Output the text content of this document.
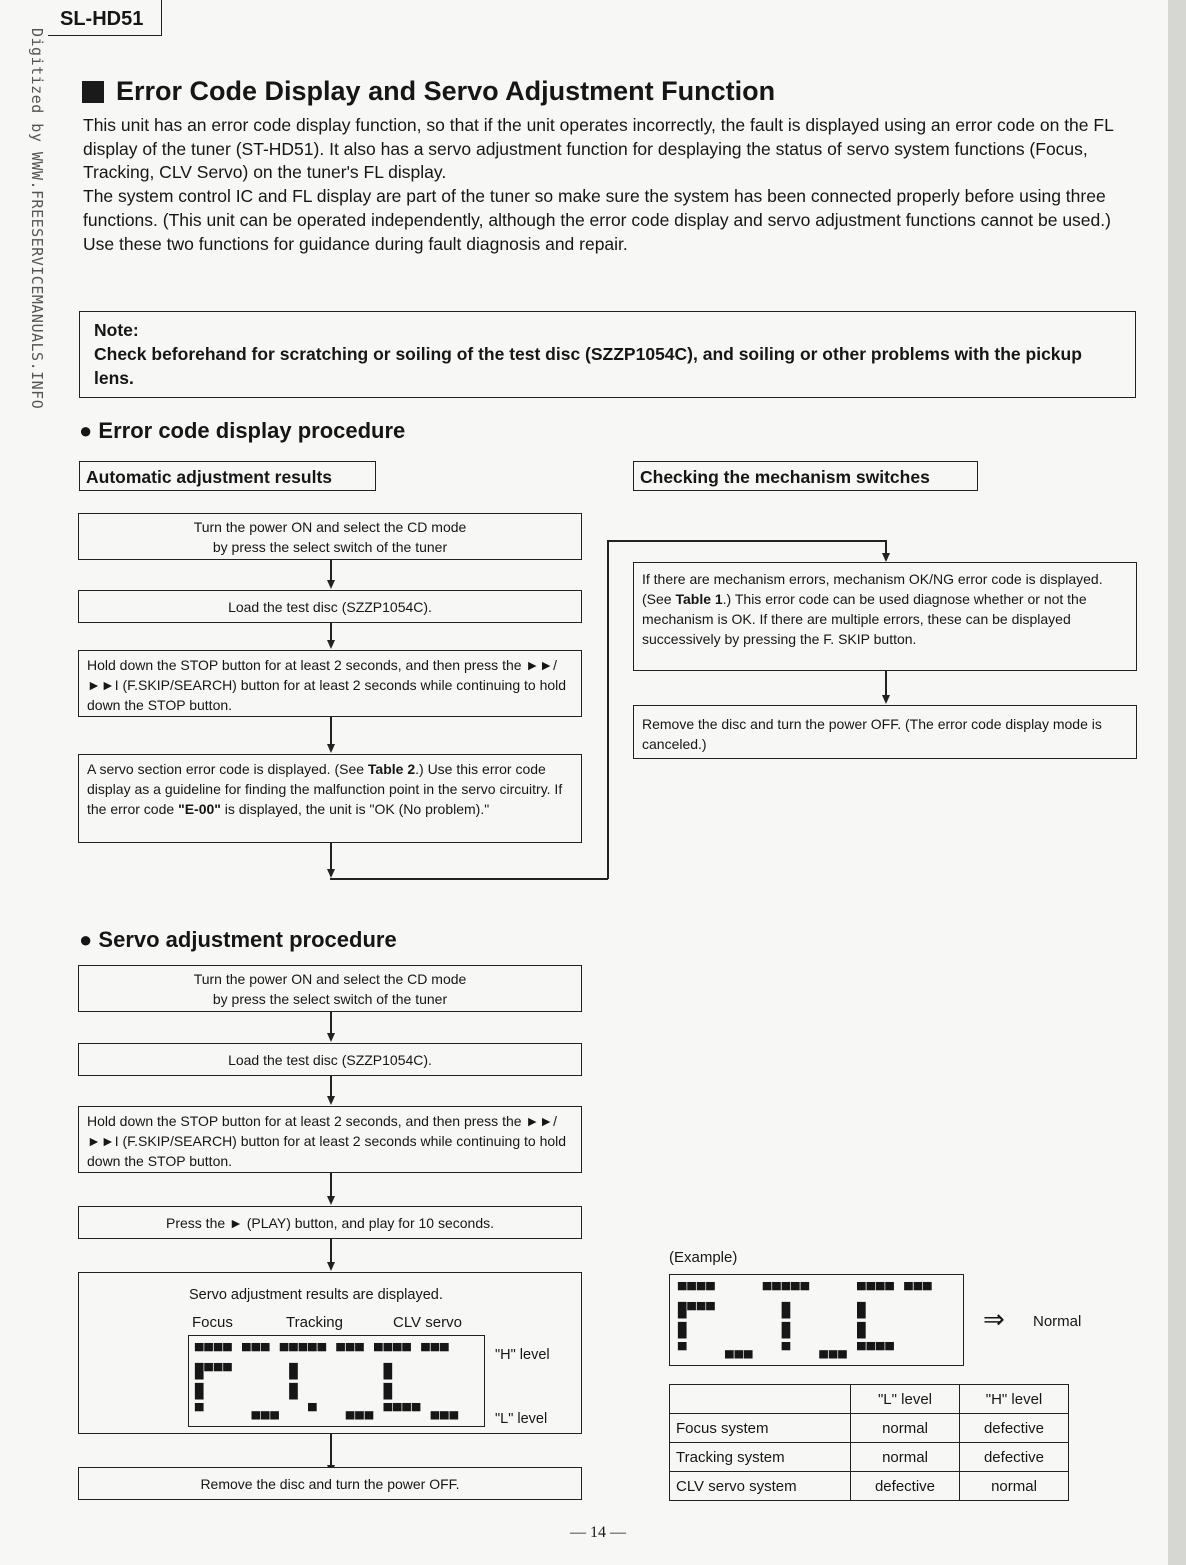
SL-HD51
Digitized by WWW.FREESERVICEMANUALS.INFO	Error Code Display and Servo Adjustment Function

This unit has an error code display function, so that if the unit operates incorrectly, the fault is displayed using an error code on the FL display of the tuner (ST-HD51). It also has a servo adjustment function for desplaying the status of servo system functions (Focus, Tracking, CLV Servo) on the tuner's FL display.

The system control IC and FL display are part of the tuner so make sure the system has been connected properly before using three functions. (This unit can be operated independently, although the error code display and servo adjustment functions cannot be used.)

Use these two functions for guidance during fault diagnosis and repair.

Note:
Check beforehand for scratching or soiling of the test disc (SZZP1054C), and soiling or other problems with the pickup lens.
● Error code display procedure
Automatic adjustment results	Checking the mechanism switches
Turn the power ON and select the CD mode
by press the select switch of the tuner
Load the test disc (SZZP1054C).
Hold down the STOP button for at least 2 seconds, and then press the ►►/►►I (F.SKIP/SEARCH) button for at least 2 seconds while continuing to hold down the STOP button.
A servo section error code is displayed. (See Table 2.) Use this error code display as a guideline for finding the malfunction point in the servo circuitry. If the error code "E-00" is displayed, the unit is "OK (No problem)."
If there are mechanism errors, mechanism OK/NG error code is displayed. (See Table 1.) This error code can be used diagnose whether or not the mechanism is OK. If there are multiple errors, these can be displayed successively by pressing the F. SKIP button.
Remove the disc and turn the power OFF. (The error code display mode is canceled.)
● Servo adjustment procedure
Turn the power ON and select the CD mode
by press the select switch of the tuner
Load the test disc (SZZP1054C).
Hold down the STOP button for at least 2 seconds, and then press the ►►/►►I (F.SKIP/SEARCH) button for at least 2 seconds while continuing to hold down the STOP button.
Press the ► (PLAY) button, and play for 10 seconds.
Servo adjustment results are displayed.
Focus	Tracking	CLV servo
▀▀▀▀ ▀▀▀ ▀▀▀▀▀ ▀▀▀ ▀▀▀▀ ▀▀▀
█▀▀▀      █         █
█         █         █
▀     ▄▄▄   ▀   ▄▄▄ ▀▀▀▀ ▄▄▄
"H" level
"L" level
Remove the disc and turn the power OFF.
(Example)
▀▀▀▀     ▀▀▀▀▀     ▀▀▀▀ ▀▀▀
█▀▀▀       █       █
█          █       █
▀    ▄▄▄   ▀   ▄▄▄ ▀▀▀▀
⇒ Normal
	"L" level	"H" level
Focus system	normal	defective
Tracking system	normal	defective
CLV servo system	defective	normal
— 14 —
